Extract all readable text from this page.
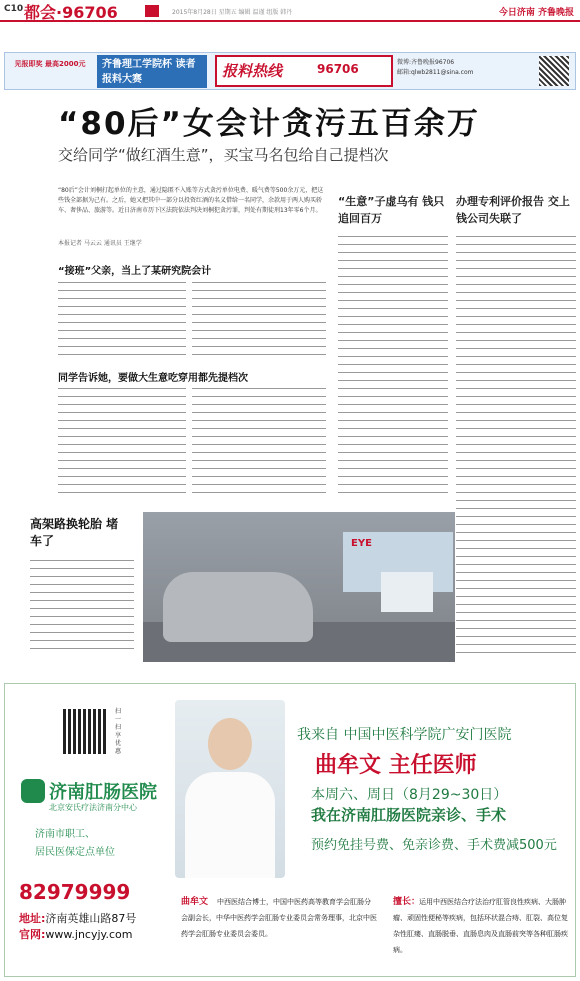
C10 都会·96706	2015年8月28日 星期五 编辑 温谨 组版 韩丹	今日济南 齐鲁晚报
见报即奖 最高2000元	齐鲁理工学院杯 读者报料大赛	报料热线	96706	微博:齐鲁晚报96706
邮箱:qlwb2811@sina.com
“80后”女会计贪污五百余万
交给同学“做红酒生意”，买宝马名包给自己提档次
“80后”会计刘桐打起单位的主意，通过隐匿不入账等方式贪污单位电费、暖气费等500余万元，把这些钱全部据为己有。之后，她又把其中一部分以投资红酒的名义借给一名同学，余款用于两人购买轿车、奢侈品、旅游等。近日济南市历下区法院依法判决刘桐犯贪污罪，判处有期徒刑13年零6个月。
本报记者 马云云 通讯员 王继学
“生意”子虚乌有 钱只追回百万
办理专利评价报告 交上钱公司失联了
“接班”父亲，当上了某研究院会计
同学告诉她，要做大生意吃穿用都先提档次
高架路换轮胎 堵车了	EYE
扫一扫 享优惠
济南肛肠医院
北京安氏疗法济南分中心
济南市职工、
居民医保定点单位
82979999
地址:济南英雄山路87号
官网:www.jncyjy.com
我来自 中国中医科学院广安门医院
曲牟文 主任医师
本周六、周日（8月29~30日）
我在济南肛肠医院亲诊、手术
预约免挂号费、免亲诊费、手术费减500元
中西医结合博士，中国中医药高等教育学会肛肠分会副会长，中华中医药学会肛肠专业委员会常务理事，北京中医药学会肛肠专业委员会委员。
曲牟文	运用中西医结合疗法治疗肛管良性疾病、大肠肿瘤、顽固性便秘等疾病，包括环状混合痔、肛裂、高位复杂性肛瘘、直肠脱垂、直肠息肉及直肠前突等各种肛肠疾病。
擅长：
